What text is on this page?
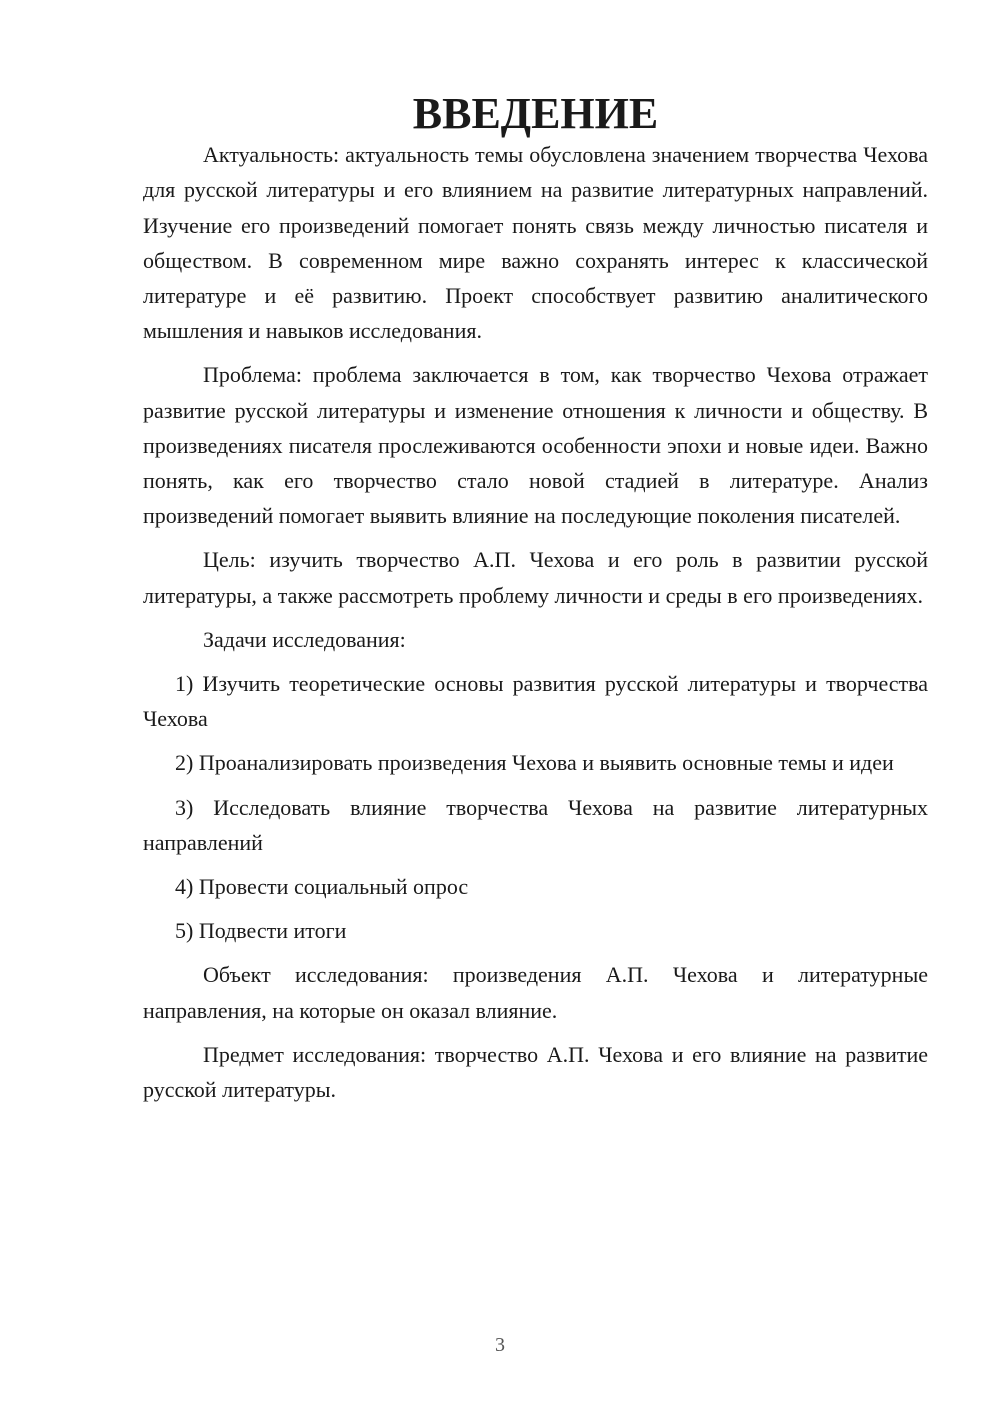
ВВЕДЕНИЕ

Актуальность: актуальность темы обусловлена значением творчества Чехова для русской литературы и его влиянием на развитие литературных направлений. Изучение его произведений помогает понять связь между личностью писателя и обществом. В современном мире важно сохранять интерес к классической литературе и её развитию. Проект способствует развитию аналитического мышления и навыков исследования.

Проблема: проблема заключается в том, как творчество Чехова отражает развитие русской литературы и изменение отношения к личности и обществу. В произведениях писателя прослеживаются особенности эпохи и новые идеи. Важно понять, как его творчество стало новой стадией в литературе. Анализ произведений помогает выявить влияние на последующие поколения писателей.

Цель: изучить творчество А.П. Чехова и его роль в развитии русской литературы, а также рассмотреть проблему личности и среды в его произведениях.

Задачи исследования:

1) Изучить теоретические основы развития русской литературы и творчества Чехова

2) Проанализировать произведения Чехова и выявить основные темы и идеи

3) Исследовать влияние творчества Чехова на развитие литературных направлений

4) Провести социальный опрос

5) Подвести итоги

Объект исследования: произведения А.П. Чехова и литературные направления, на которые он оказал влияние.

Предмет исследования: творчество А.П. Чехова и его влияние на развитие русской литературы.

3
